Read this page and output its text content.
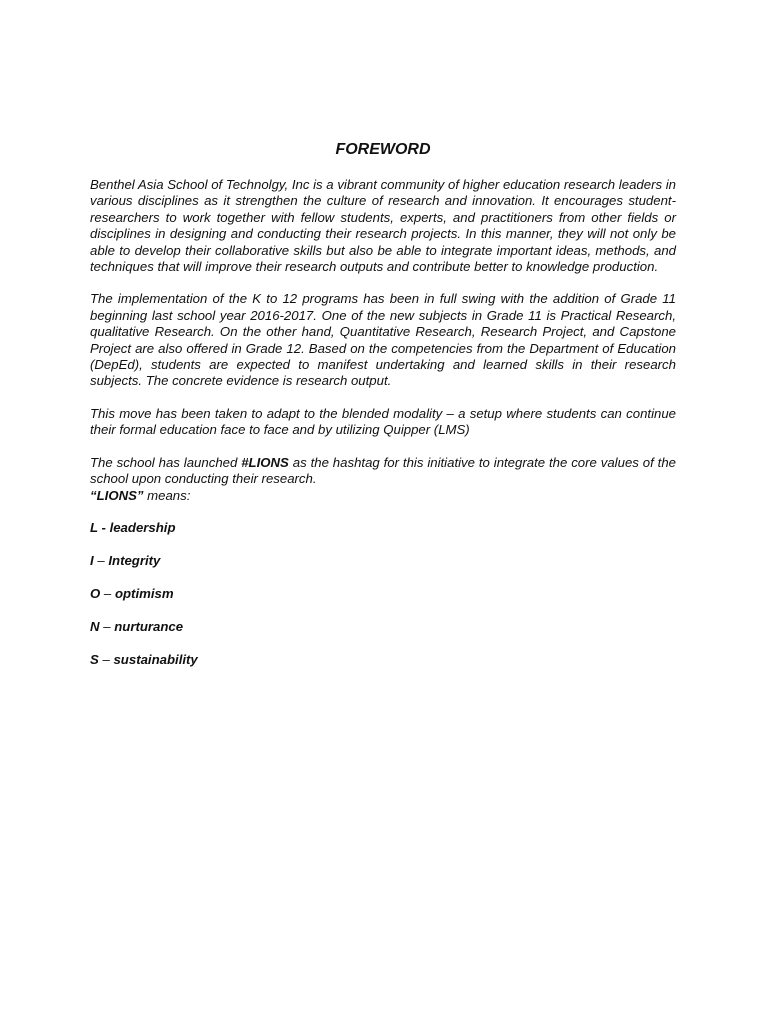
FOREWORD

Benthel Asia School of Technolgy, Inc is a vibrant community of higher education research leaders in various disciplines as it strengthen the culture of research and innovation. It encourages student-researchers to work together with fellow students, experts, and practitioners from other fields or disciplines in designing and conducting their research projects. In this manner, they will not only be able to develop their collaborative skills but also be able to integrate important ideas, methods, and techniques that will improve their research outputs and contribute better to knowledge production.

The implementation of the K to 12 programs has been in full swing with the addition of Grade 11 beginning last school year 2016-2017. One of the new subjects in Grade 11 is Practical Research, qualitative Research. On the other hand, Quantitative Research, Research Project, and Capstone Project are also offered in Grade 12. Based on the competencies from the Department of Education (DepEd), students are expected to manifest undertaking and learned skills in their research subjects. The concrete evidence is research output.

This move has been taken to adapt to the blended modality – a setup where students can continue their formal education face to face and by utilizing Quipper (LMS)

The school has launched #LIONS as the hashtag for this initiative to integrate the core values of the school upon conducting their research.

“LIONS” means:
L - leadership
I – Integrity
O – optimism
N – nurturance
S – sustainability
